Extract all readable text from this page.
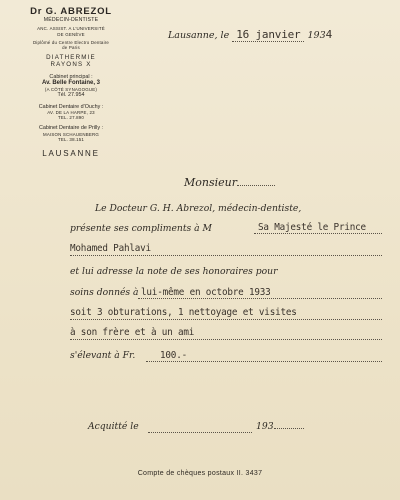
Dr G. ABREZOL
MÉDECIN-DENTISTE
ANC. ASSIST. A L'UNIVERSITÉ
DE GENÈVE
Diplômé du Centre Electro Dentaire
de Paris
DIATHERMIE
RAYONS X
Cabinet principal :
Av. Belle Fontaine, 3
(A CÔTÉ SYNAGOGUE)
Tél. 27.954
Cabinet Dentaire d'Ouchy :
AV. DE LA HARPE, 23
TEL. 27.890
Cabinet Dentaire de Prilly :
MAISON SCHAUENBERG
TEL. 38.151
LAUSANNE
Lausanne, le 16 janvier 1934
Monsieur
Le Docteur G. H. Abrezol, médecin-dentiste,
présente ses compliments à M	Sa Majesté le Prince
Mohamed Pahlavi
et lui adresse la note de ses honoraires pour
soins donnés à lui-même en octobre 1933
soit 3 obturations, 1 nettoyage et visites
à son frère et à un ami
s'élevant à Fr.	100.-
Acquitté le	193
Compte de chèques postaux II. 3437
